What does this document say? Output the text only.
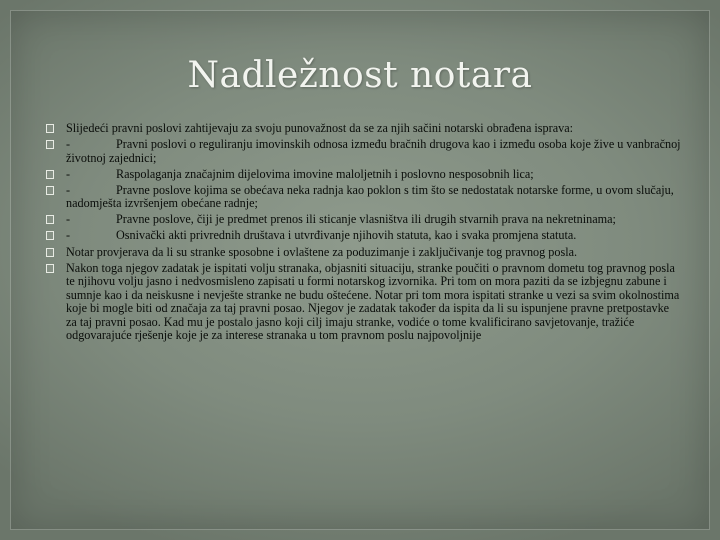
Nadležnost notara
Slijedeći pravni poslovi zahtijevaju za svoju punovažnost da se za njih sačini notarski obrađena isprava:
-	Pravni poslovi o reguliranju imovinskih odnosa između bračnih drugova kao i između osoba koje žive u vanbračnoj životnoj zajednici;
-	Raspolaganja značajnim dijelovima imovine maloljetnih i poslovno nesposobnih lica;
-	Pravne poslove kojima se obećava neka radnja kao poklon s tim što se nedostatak notarske forme, u ovom slučaju, nadomješta izvršenjem obećane radnje;
-	Pravne poslove, čiji je predmet prenos ili sticanje vlasništva ili drugih stvarnih prava na nekretninama;
-	Osnivački akti privrednih društava i utvrđivanje njihovih statuta, kao i svaka promjena statuta.
Notar provjerava da li su stranke sposobne i ovlaštene za poduzimanje i zaključivanje tog pravnog posla.
Nakon toga njegov zadatak je ispitati volju stranaka, objasniti situaciju, stranke poučiti o pravnom dometu tog pravnog posla te njihovu volju jasno i nedvosmisleno zapisati u formi notarskog izvornika. Pri tom on mora paziti da se izbjegnu zabune i sumnje kao i da neiskusne i nevješte stranke ne budu oštećene. Notar pri tom mora ispitati stranke u vezi sa svim okolnostima koje bi mogle biti od značaja za taj pravni posao. Njegov je zadatak također da ispita da li su ispunjene pravne pretpostavke za taj pravni posao. Kad mu je postalo jasno koji cilj imaju stranke, vodiće o tome kvalificirano savjetovanje, tražiće odgovarajuće rješenje koje je za interese stranaka u tom pravnom poslu najpovoljnije
